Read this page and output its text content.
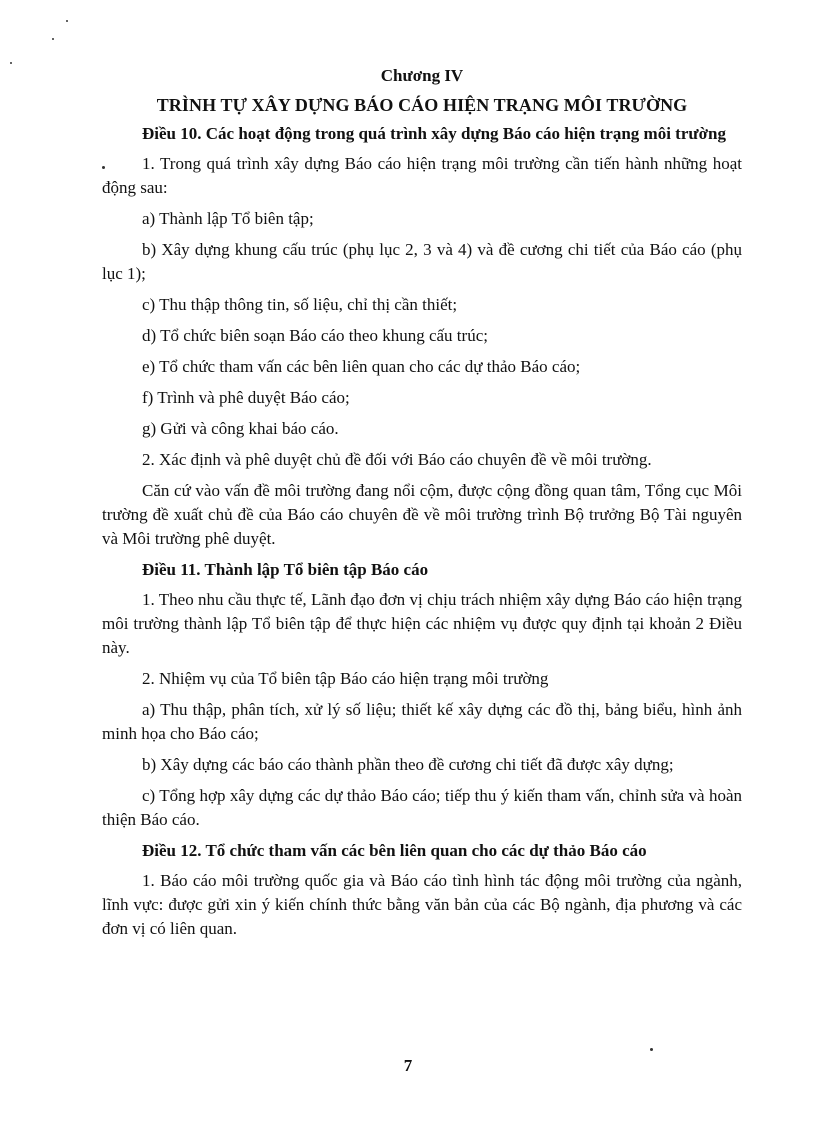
Chương IV
TRÌNH TỰ XÂY DỰNG BÁO CÁO HIỆN TRẠNG MÔI TRƯỜNG
Điều 10. Các hoạt động trong quá trình xây dựng Báo cáo hiện trạng môi trường

1. Trong quá trình xây dựng Báo cáo hiện trạng môi trường cần tiến hành những hoạt động sau:

a) Thành lập Tổ biên tập;

b) Xây dựng khung cấu trúc (phụ lục 2, 3 và 4) và đề cương chi tiết của Báo cáo (phụ lục 1);

c) Thu thập thông tin, số liệu, chỉ thị cần thiết;

d) Tổ chức biên soạn Báo cáo theo khung cấu trúc;

e) Tổ chức tham vấn các bên liên quan cho các dự thảo Báo cáo;

f) Trình và phê duyệt Báo cáo;

g) Gửi và công khai báo cáo.

2. Xác định và phê duyệt chủ đề đối với Báo cáo chuyên đề về môi trường.

Căn cứ vào vấn đề môi trường đang nổi cộm, được cộng đồng quan tâm, Tổng cục Môi trường đề xuất chủ đề của Báo cáo chuyên đề về môi trường trình Bộ trưởng Bộ Tài nguyên và Môi trường phê duyệt.

Điều 11. Thành lập Tổ biên tập Báo cáo

1. Theo nhu cầu thực tế, Lãnh đạo đơn vị chịu trách nhiệm xây dựng Báo cáo hiện trạng môi trường thành lập Tổ biên tập để thực hiện các nhiệm vụ được quy định tại khoản 2 Điều này.

2. Nhiệm vụ của Tổ biên tập Báo cáo hiện trạng môi trường

a) Thu thập, phân tích, xử lý số liệu; thiết kế xây dựng các đồ thị, bảng biểu, hình ảnh minh họa cho Báo cáo;

b) Xây dựng các báo cáo thành phần theo đề cương chi tiết đã được xây dựng;

c) Tổng hợp xây dựng các dự thảo Báo cáo; tiếp thu ý kiến tham vấn, chỉnh sửa và hoàn thiện Báo cáo.

Điều 12. Tổ chức tham vấn các bên liên quan cho các dự thảo Báo cáo

1. Báo cáo môi trường quốc gia và Báo cáo tình hình tác động môi trường của ngành, lĩnh vực: được gửi xin ý kiến chính thức bằng văn bản của các Bộ ngành, địa phương và các đơn vị có liên quan.

7
